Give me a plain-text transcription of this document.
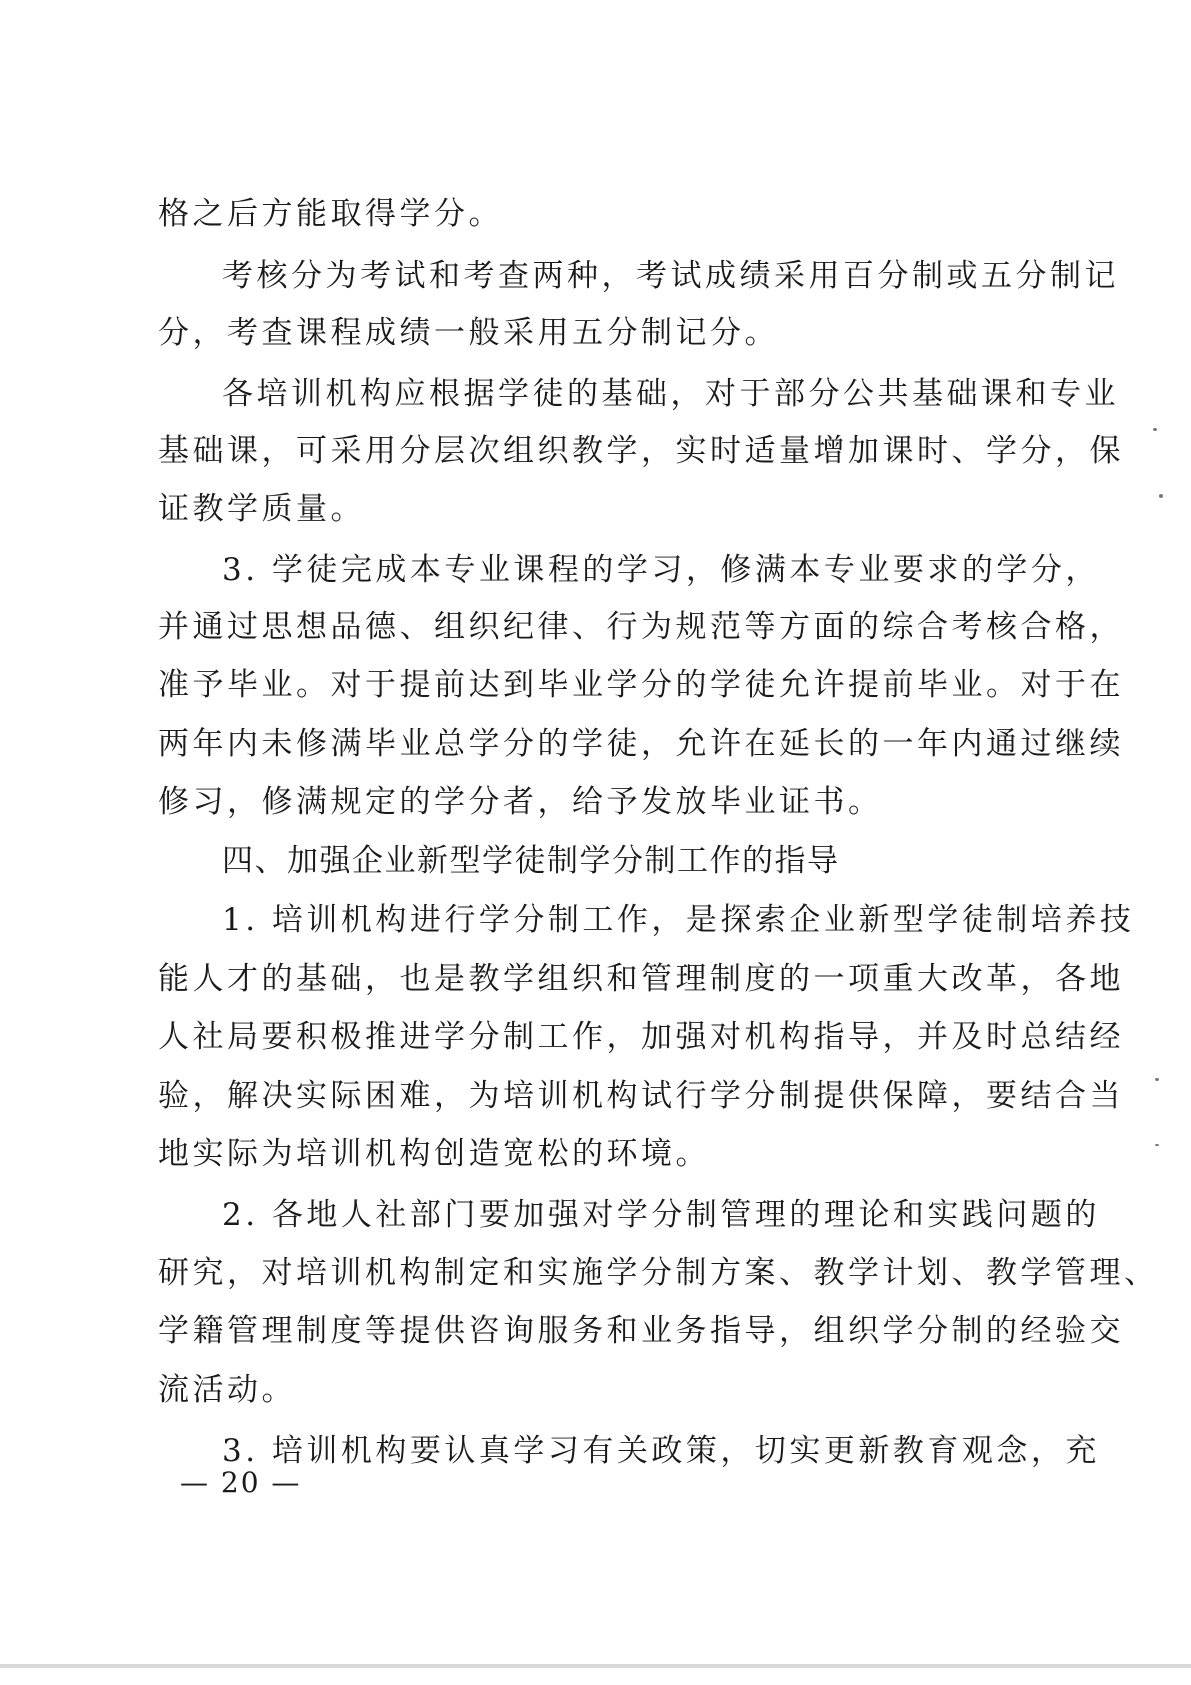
格之后方能取得学分。

考核分为考试和考查两种，考试成绩采用百分制或五分制记

分，考查课程成绩一般采用五分制记分。

各培训机构应根据学徒的基础，对于部分公共基础课和专业

基础课，可采用分层次组织教学，实时适量增加课时、学分，保

证教学质量。

3. 学徒完成本专业课程的学习，修满本专业要求的学分，

并通过思想品德、组织纪律、行为规范等方面的综合考核合格，

准予毕业。对于提前达到毕业学分的学徒允许提前毕业。对于在

两年内未修满毕业总学分的学徒，允许在延长的一年内通过继续

修习，修满规定的学分者，给予发放毕业证书。

四、加强企业新型学徒制学分制工作的指导

1. 培训机构进行学分制工作，是探索企业新型学徒制培养技

能人才的基础，也是教学组织和管理制度的一项重大改革，各地

人社局要积极推进学分制工作，加强对机构指导，并及时总结经

验，解决实际困难，为培训机构试行学分制提供保障，要结合当

地实际为培训机构创造宽松的环境。

2. 各地人社部门要加强对学分制管理的理论和实践问题的

研究，对培训机构制定和实施学分制方案、教学计划、教学管理、

学籍管理制度等提供咨询服务和业务指导，组织学分制的经验交

流活动。

3. 培训机构要认真学习有关政策，切实更新教育观念，充

— 20 —
